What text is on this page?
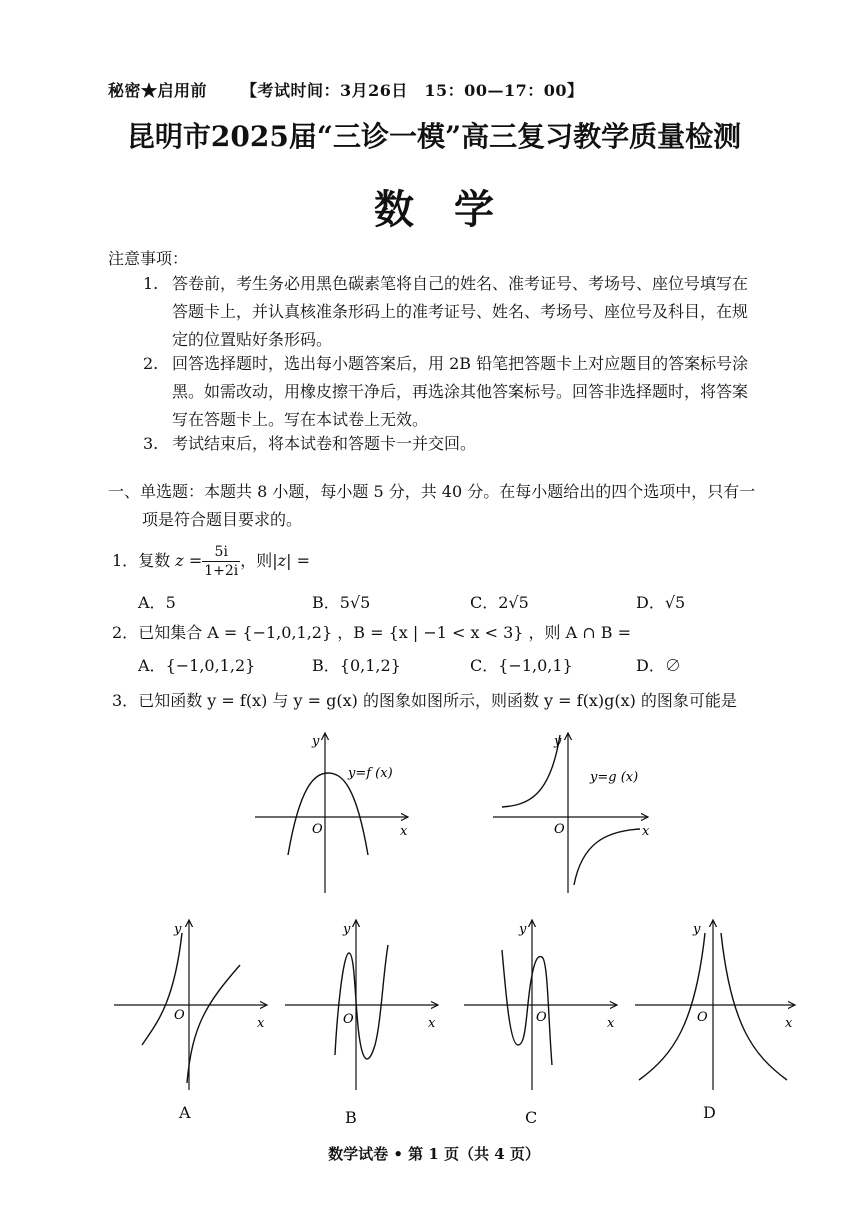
秘密★启用前 【考试时间：3月26日　15：00—17：00】
昆明市2025届“三诊一模”高三复习教学质量检测
数学
注意事项：
1. 答卷前，考生务必用黑色碳素笔将自己的姓名、准考证号、考场号、座位号填写在
答题卡上，并认真核准条形码上的准考证号、姓名、考场号、座位号及科目，在规
定的位置贴好条形码。
2. 回答选择题时，选出每小题答案后，用 2B 铅笔把答题卡上对应题目的答案标号涂
黑。如需改动，用橡皮擦干净后，再选涂其他答案标号。回答非选择题时，将答案
写在答题卡上。写在本试卷上无效。
3. 考试结束后，将本试卷和答题卡一并交回。
一、单选题：本题共 8 小题，每小题 5 分，共 40 分。在每小题给出的四个选项中，只有一
项是符合题目要求的。
1．复数 $z = \frac{5i}{1+2i}$ ，则|z| =
A．5	B．5√5	C．2√5	D．√5
2．已知集合 A = {−1,0,1,2} ，B = {x | −1 < x < 3} ，则 A ∩ B =
A．{−1,0,1,2}	B．{0,1,2}	C．{−1,0,1}	D．∅
3．已知函数 y = f(x) 与 y = g(x) 的图象如图所示，则函数 y = f(x)g(x) 的图象可能是
y
x
O
y=f (x)
y
x
O
y=g (x)
y
x
O
A
y
x
O
B
y
x
O
C
y
x
O
D
数学试卷 • 第 1 页（共 4 页）
